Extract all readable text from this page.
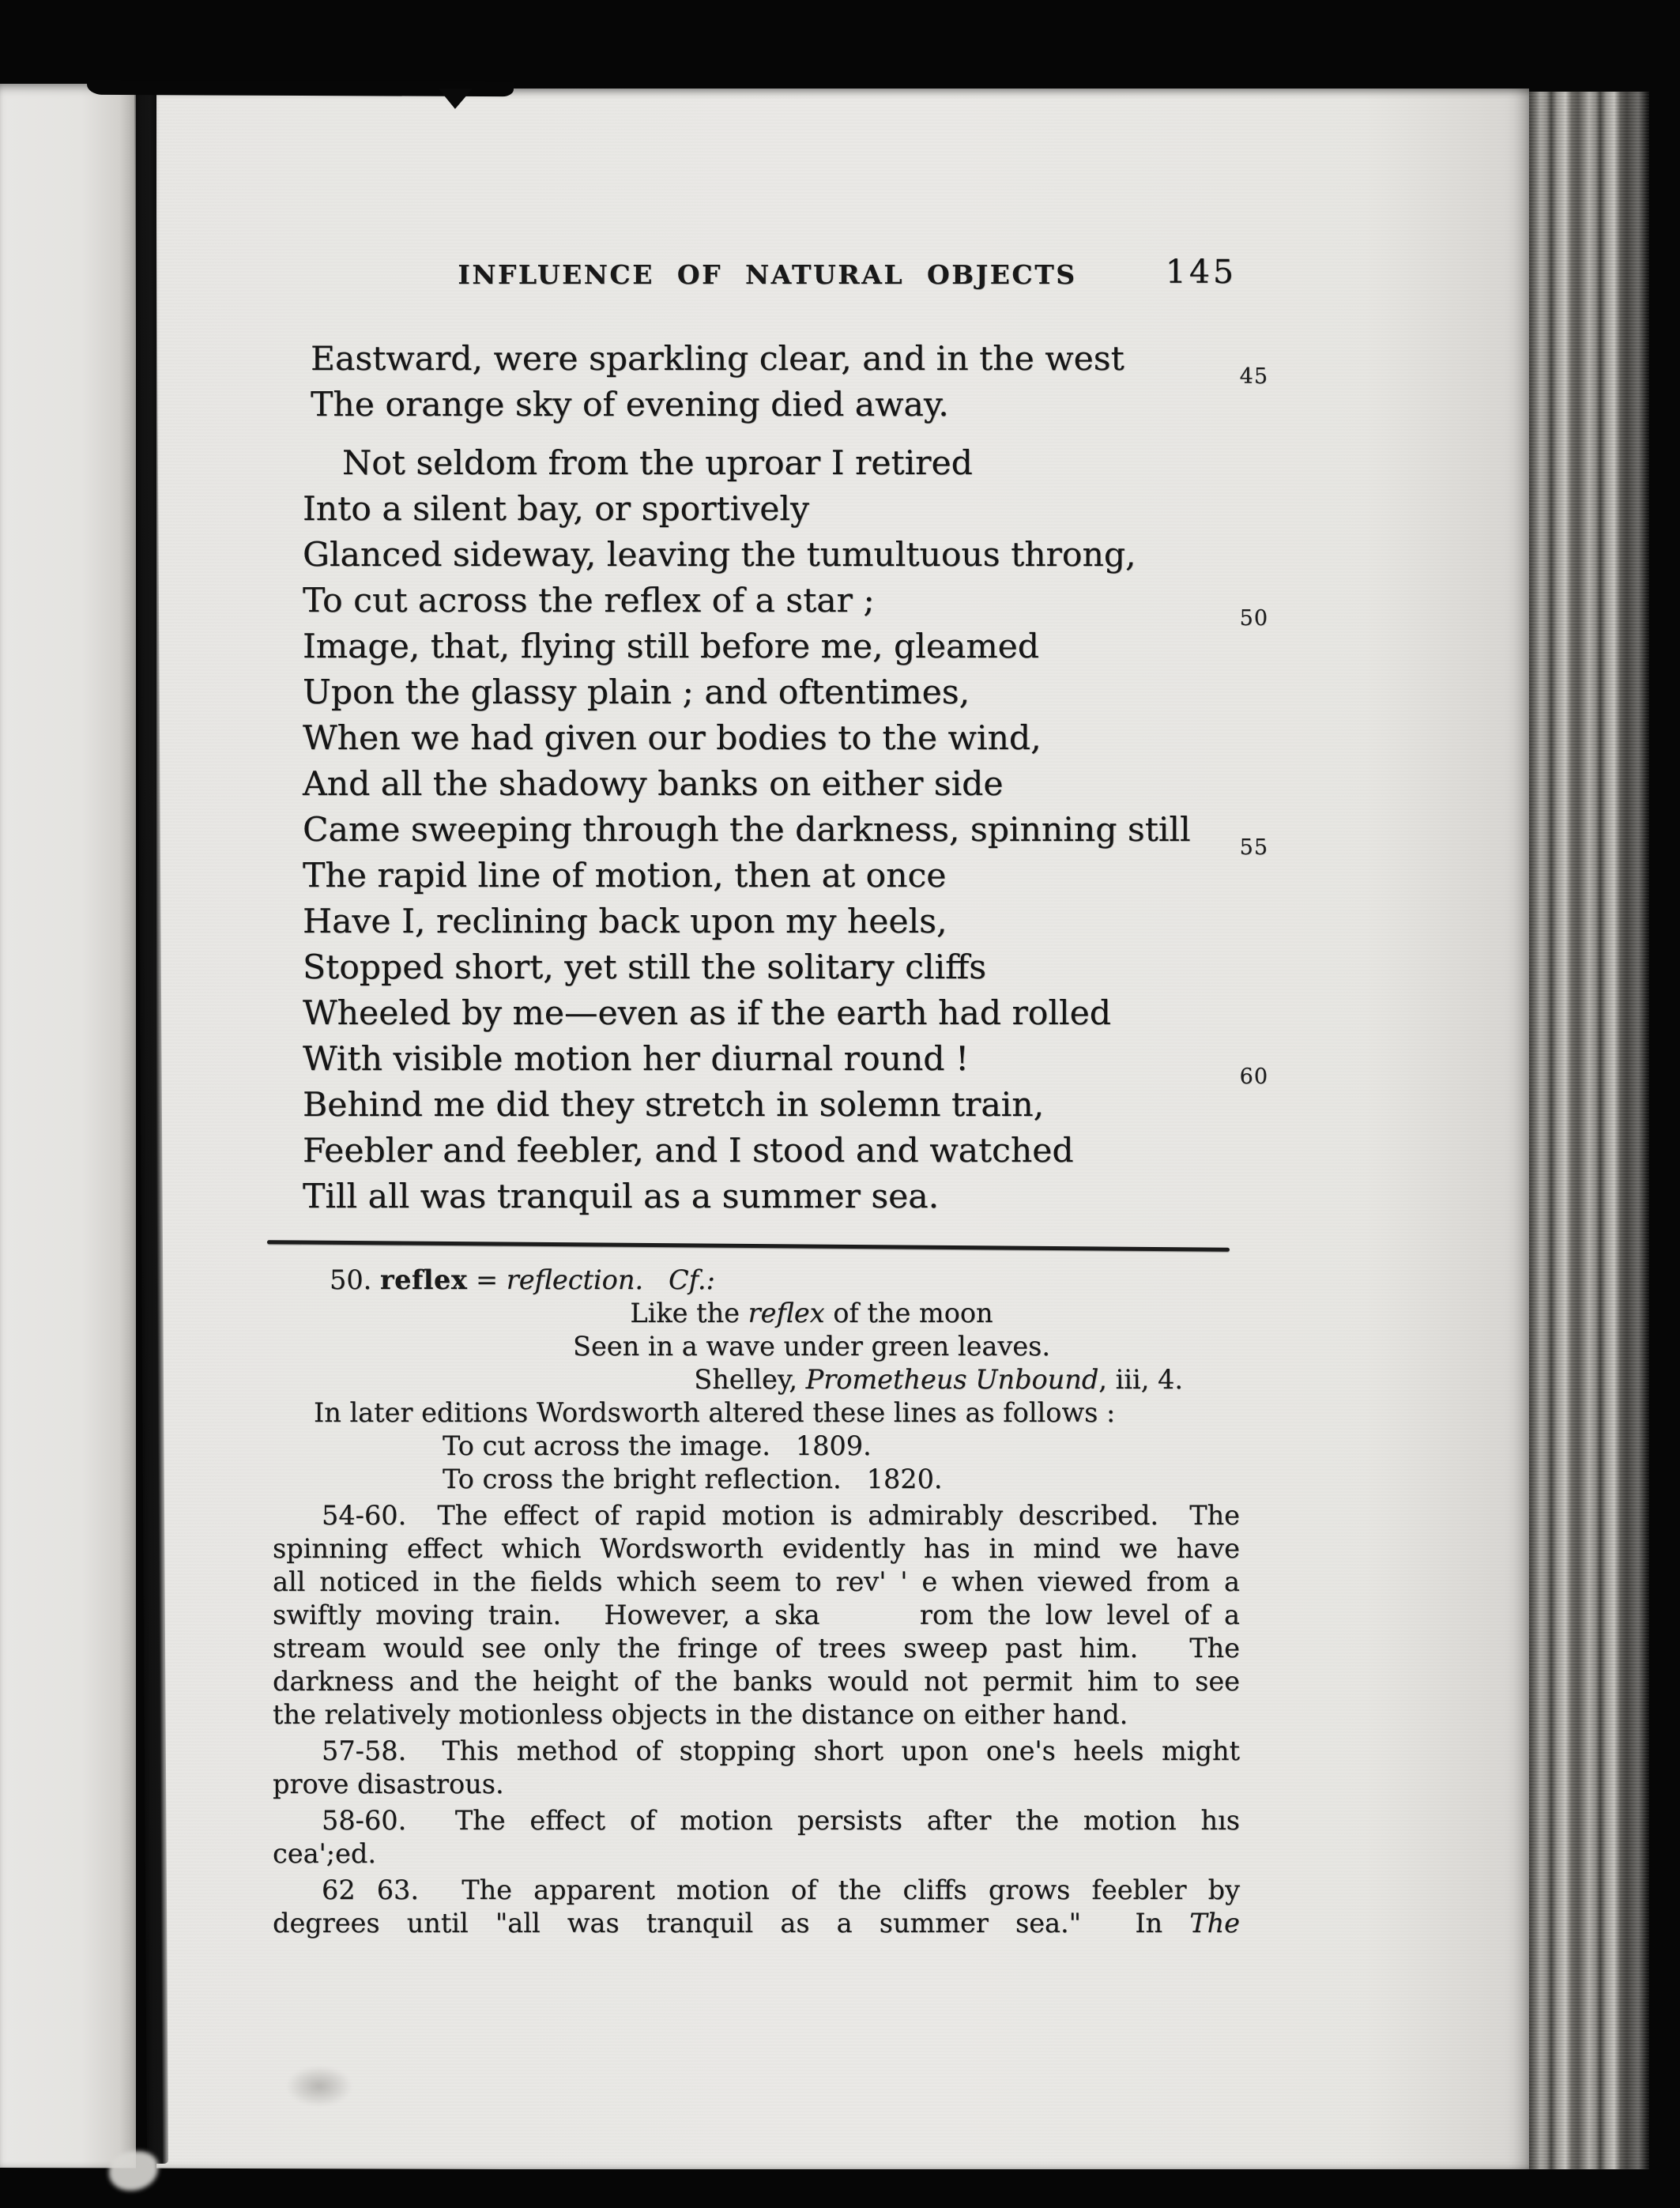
INFLUENCE OF NATURAL OBJECTS	145
Eastward, were sparkling clear, and in the west	45
The orange sky of evening died away.
Not seldom from the uproar I retired
Into a silent bay, or sportively
Glanced sideway, leaving the tumultuous throng,
To cut across the reflex of a star ;	50
Image, that, flying still before me, gleamed
Upon the glassy plain ; and oftentimes,
When we had given our bodies to the wind,
And all the shadowy banks on either side
Came sweeping through the darkness, spinning still 55
The rapid line of motion, then at once
Have I, reclining back upon my heels,
Stopped short, yet still the solitary cliffs
Wheeled by me—even as if the earth had rolled
With visible motion her diurnal round !	60
Behind me did they stretch in solemn train,
Feebler and feebler, and I stood and watched
Till all was tranquil as a summer sea.
50. reflex = reflection.   Cf.:
Like the reflex of the moon
Seen in a wave under green leaves.
Shelley, Prometheus Unbound, iii, 4.
In later editions Wordsworth altered these lines as follows :
To cut across the image.   1809.
To cross the bright reflection.   1820.
54-60.  The effect of rapid motion is admirably described.  The
spinning effect which Wordsworth evidently has in mind we have
all noticed in the fields which seem to rev' ' e when viewed from a
swiftly moving train.   However, a ska       rom the low level of a
stream would see only the fringe of trees sweep past him.   The
darkness and the height of the banks would not permit him to see
the relatively motionless objects in the distance on either hand.
57-58.  This method of stopping short upon one's heels might
prove disastrous.
58-60.  The effect of motion persists after the motion hıs
cea';ed.
62 63.  The apparent motion of the cliffs grows feebler by
degrees until "all was tranquil as a summer sea."  In The
